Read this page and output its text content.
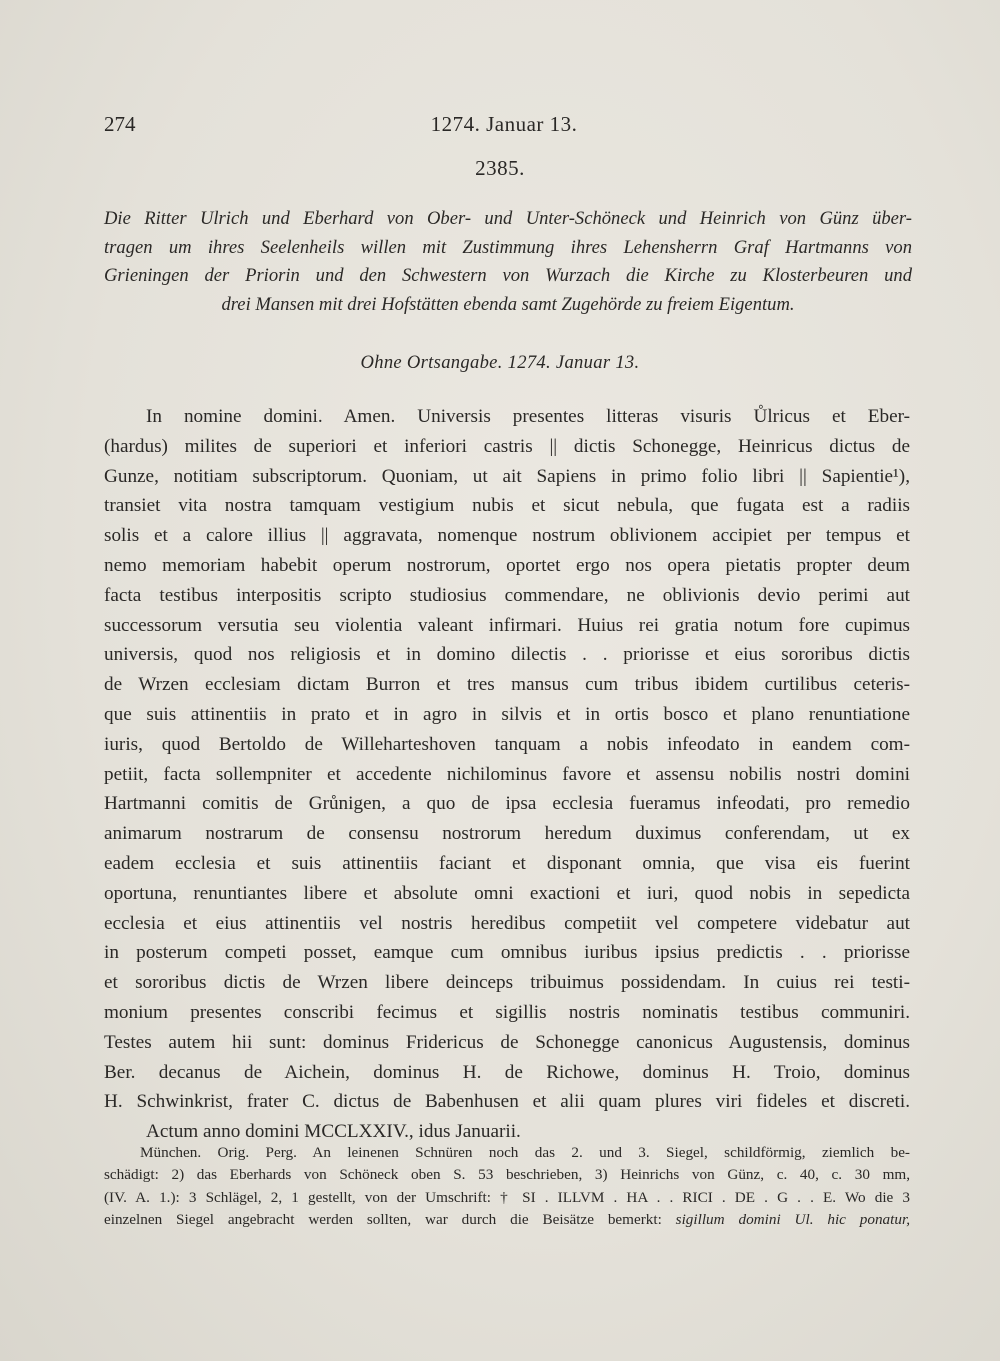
274	1274. Januar 13.
2385.
Die Ritter Ulrich und Eberhard von Ober- und Unter-Schöneck und Heinrich von Günz über-
tragen um ihres Seelenheils willen mit Zustimmung ihres Lehensherrn Graf Hartmanns von
Grieningen der Priorin und den Schwestern von Wurzach die Kirche zu Klosterbeuren und
drei Mansen mit drei Hofstätten ebenda samt Zugehörde zu freiem Eigentum.
Ohne Ortsangabe. 1274. Januar 13.
In nomine domini. Amen. Universis presentes litteras visuris Ůlricus et Eber-
(hardus) milites de superiori et inferiori castris || dictis Schonegge, Heinricus dictus de
Gunze, notitiam subscriptorum. Quoniam, ut ait Sapiens in primo folio libri || Sapientie¹),
transiet vita nostra tamquam vestigium nubis et sicut nebula, que fugata est a radiis
solis et a calore illius || aggravata, nomenque nostrum oblivionem accipiet per tempus et
nemo memoriam habebit operum nostrorum, oportet ergo nos opera pietatis propter deum
facta testibus interpositis scripto studiosius commendare, ne oblivionis devio perimi aut
successorum versutia seu violentia valeant infirmari. Huius rei gratia notum fore cupimus
universis, quod nos religiosis et in domino dilectis . . priorisse et eius sororibus dictis
de Wrzen ecclesiam dictam Burron et tres mansus cum tribus ibidem curtilibus ceteris-
que suis attinentiis in prato et in agro in silvis et in ortis bosco et plano renuntiatione
iuris, quod Bertoldo de Willeharteshoven tanquam a nobis infeodato in eandem com-
petiit, facta sollempniter et accedente nichilominus favore et assensu nobilis nostri domini
Hartmanni comitis de Grůnigen, a quo de ipsa ecclesia fueramus infeodati, pro remedio
animarum nostrarum de consensu nostrorum heredum duximus conferendam, ut ex
eadem ecclesia et suis attinentiis faciant et disponant omnia, que visa eis fuerint
oportuna, renuntiantes libere et absolute omni exactioni et iuri, quod nobis in sepedicta
ecclesia et eius attinentiis vel nostris heredibus competiit vel competere videbatur aut
in posterum competi posset, eamque cum omnibus iuribus ipsius predictis . . priorisse
et sororibus dictis de Wrzen libere deinceps tribuimus possidendam. In cuius rei testi-
monium presentes conscribi fecimus et sigillis nostris nominatis testibus communiri.
Testes autem hii sunt: dominus Fridericus de Schonegge canonicus Augustensis, dominus
Ber. decanus de Aichein, dominus H. de Richowe, dominus H. Troio, dominus
H. Schwinkrist, frater C. dictus de Babenhusen et alii quam plures viri fideles et discreti.
Actum anno domini MCCLXXIV., idus Januarii.
München. Orig. Perg. An leinenen Schnüren noch das 2. und 3. Siegel, schildförmig, ziemlich be-
schädigt: 2) das Eberhards von Schöneck oben S. 53 beschrieben, 3) Heinrichs von Günz, c. 40, c. 30 mm,
(IV. A. 1.): 3 Schlägel, 2, 1 gestellt, von der Umschrift: † SI . ILLVM . HA . . RICI . DE . G . . E. Wo die 3
einzelnen Siegel angebracht werden sollten, war durch die Beisätze bemerkt: sigillum domini Ul. hic ponatur,
